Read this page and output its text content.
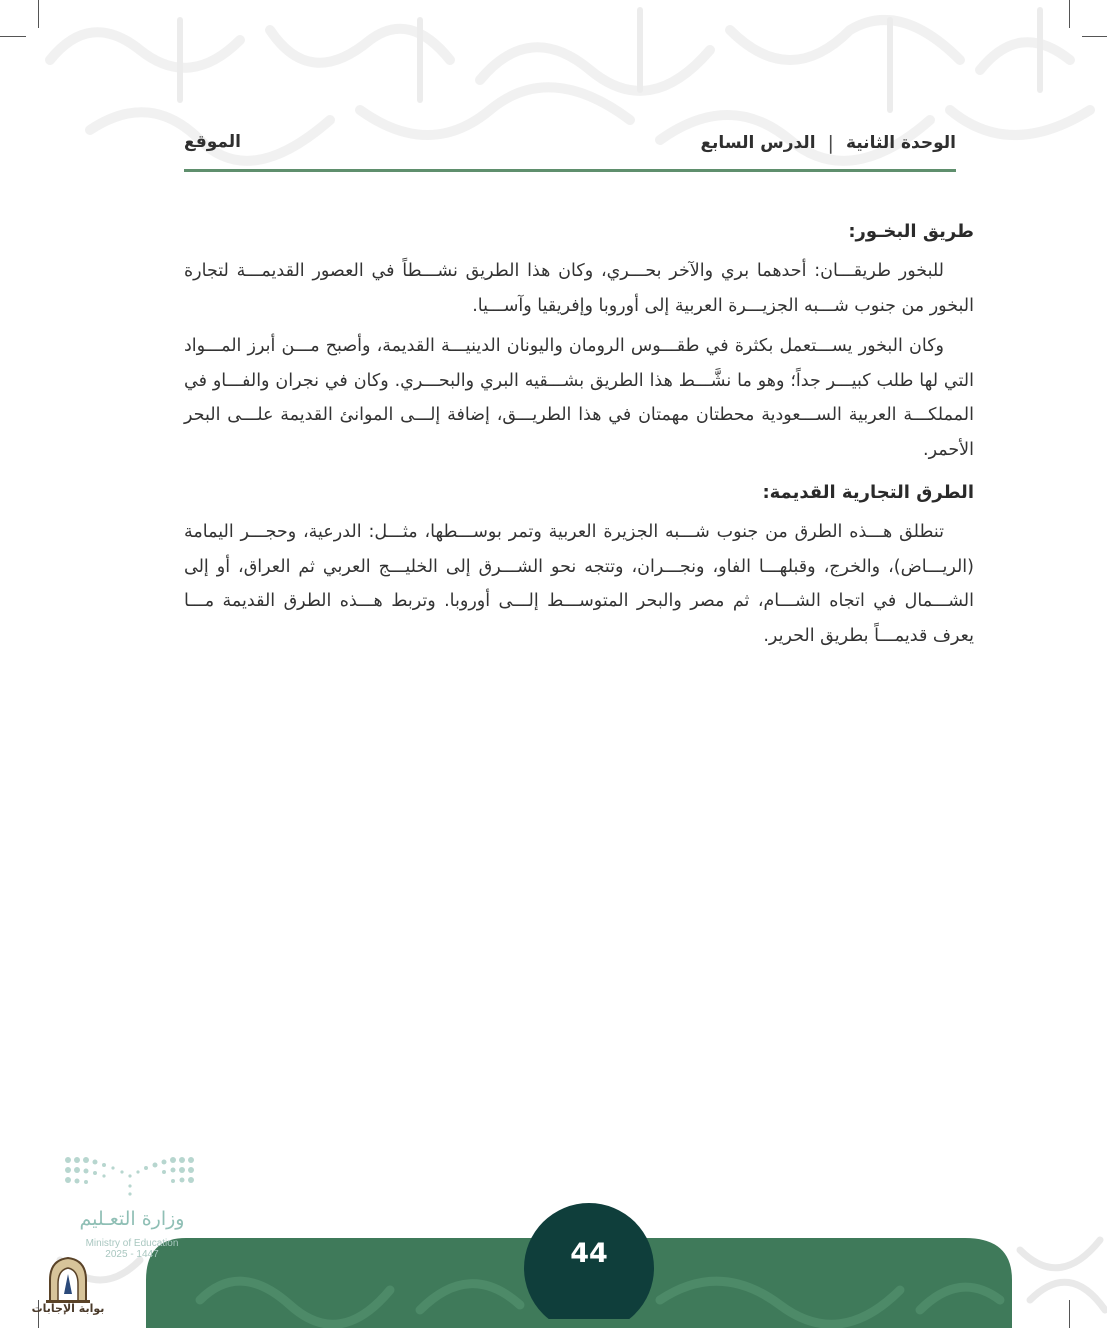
الوحدة الثانية
|
الدرس السابع
الموقع
طريق البخـور:

للبخور طريقـــان: أحدهما بري والآخر بحـــري، وكان هذا الطريق نشـــطاً في العصور القديمـــة لتجارة البخور من جنوب شـــبه الجزيـــرة العربية إلى أوروبا وإفريقيا وآســـيا.

وكان البخور يســـتعمل بكثرة في طقـــوس الرومان واليونان الدينيـــة القديمة، وأصبح مـــن أبرز المـــواد التي لها طلب كبيـــر جداً؛ وهو ما نشَّـــط هذا الطريق بشـــقيه البري والبحـــري. وكان في نجران والفـــاو في المملكـــة العربية الســـعودية محطتان مهمتان في هذا الطريـــق، إضافة إلـــى الموانئ القديمة علـــى البحر الأحمر.

الطرق التجارية القديمة:

تنطلق هـــذه الطرق من جنوب شـــبه الجزيرة العربية وتمر بوســـطها، مثـــل: الدرعية، وحجـــر اليمامة (الريـــاض)، والخرج، وقبلهـــا الفاو، ونجـــران، وتتجه نحو الشـــرق إلى الخليـــج العربي ثم العراق، أو إلى الشـــمال في اتجاه الشـــام، ثم مصر والبحر المتوســـط إلـــى أوروبا. وتربط هـــذه الطرق القديمة مـــا يعرف قديمـــاً بطريق الحرير.

44
وزارة التعـليم
Ministry of Education
2025 - 1447
بوابة الإجابات
